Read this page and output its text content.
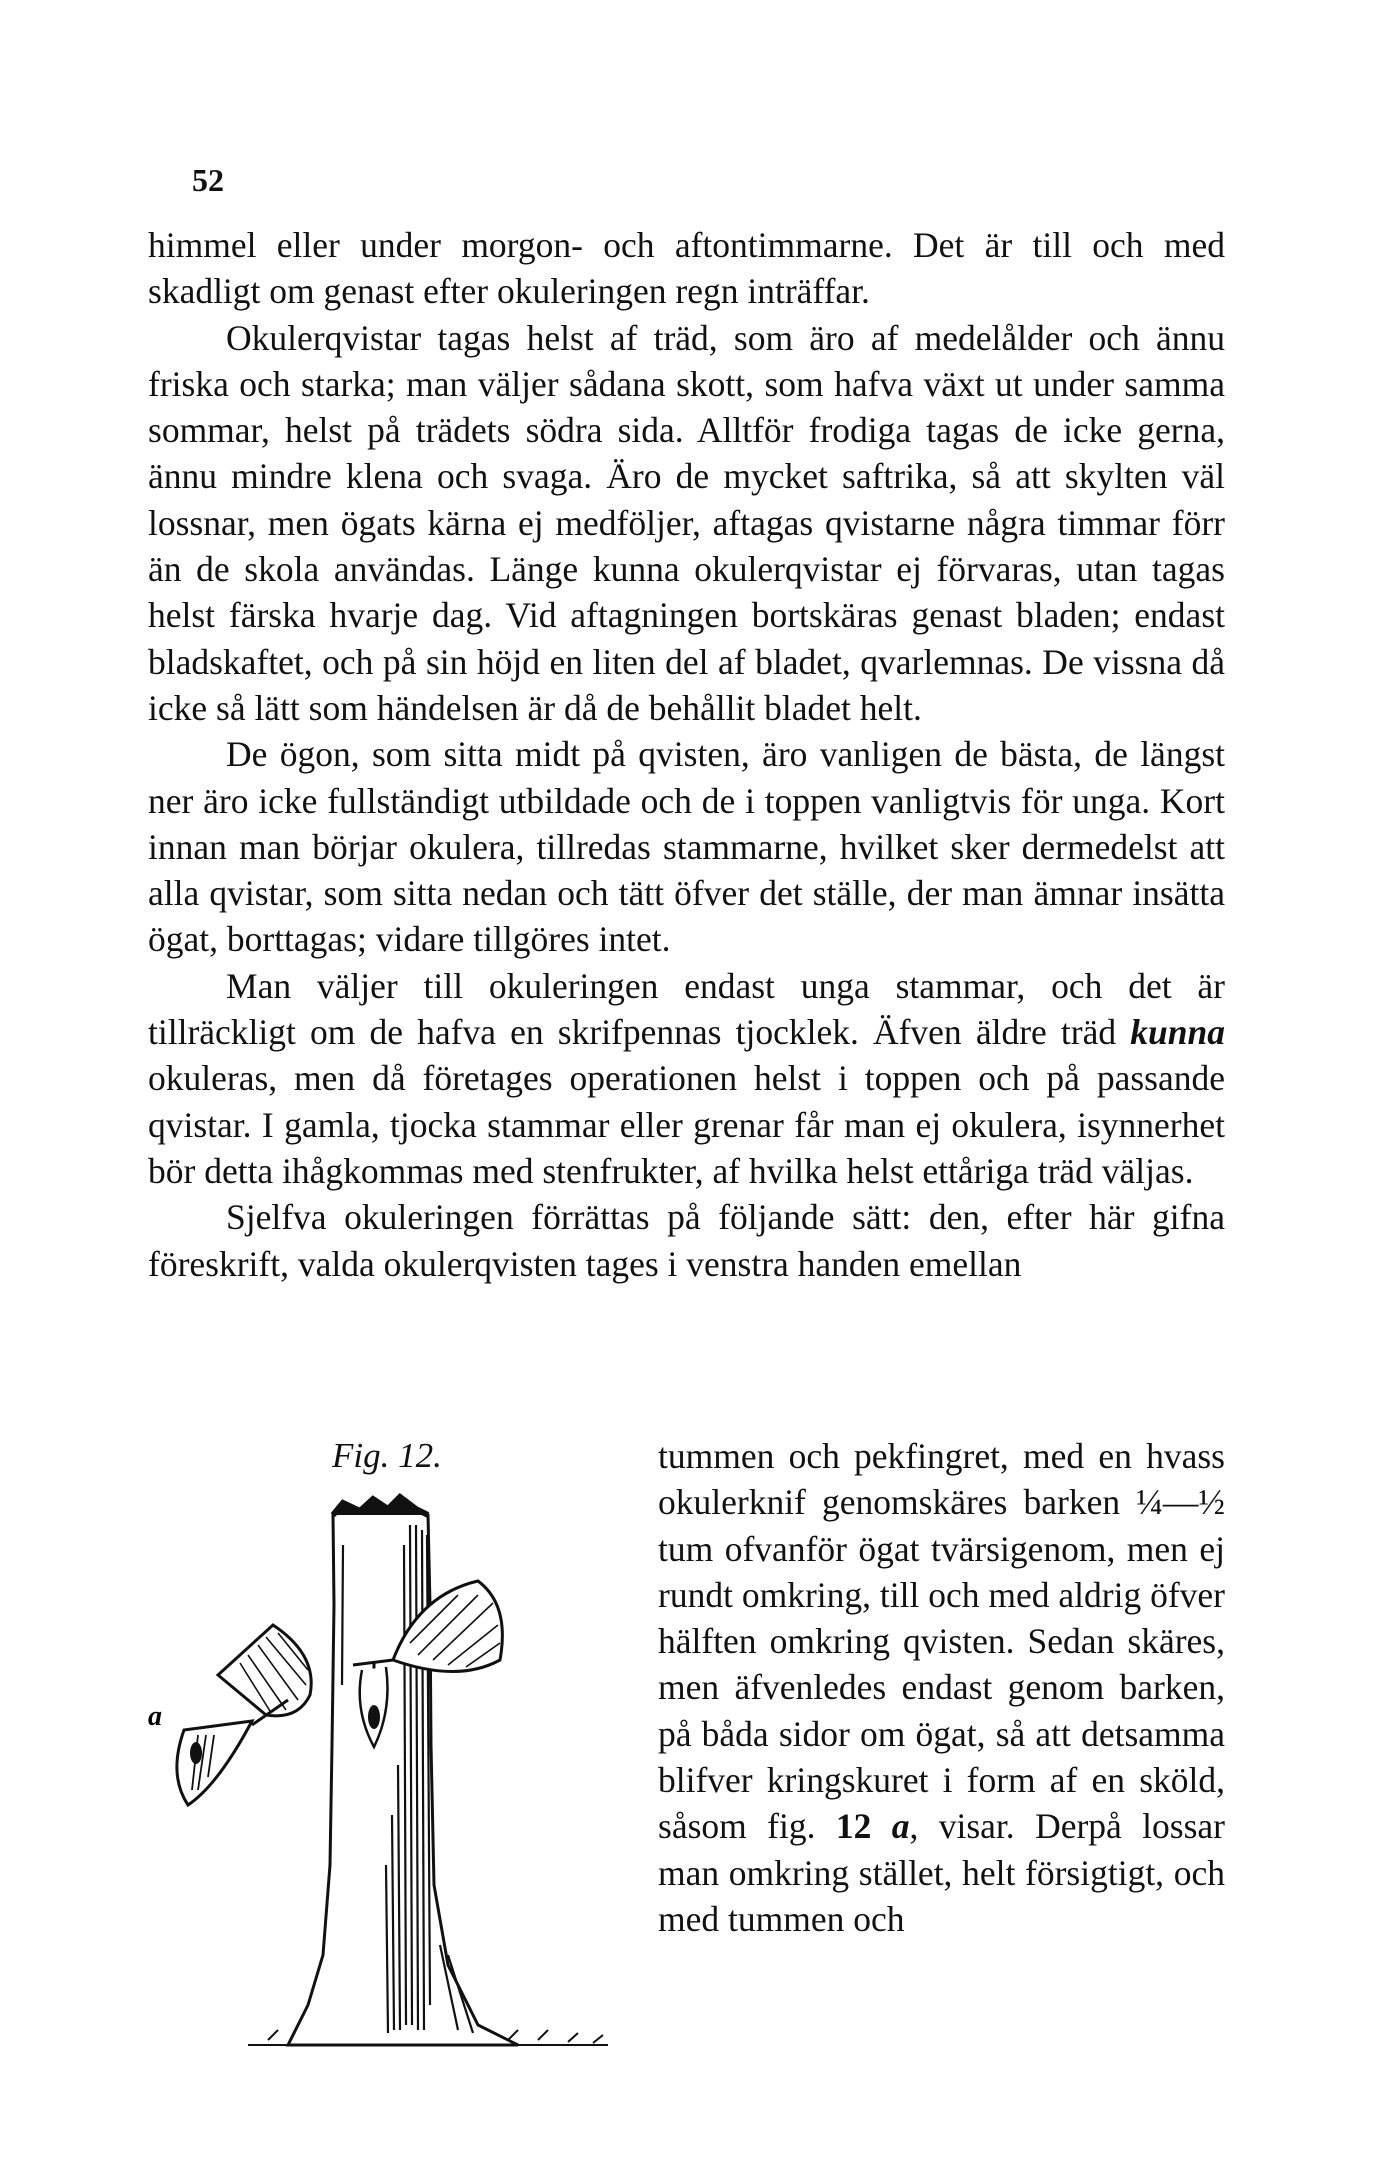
52

himmel eller under morgon- och aftontimmarne. Det är till och med skadligt om genast efter okuleringen regn inträffar.

Okulerqvistar tagas helst af träd, som äro af medelålder och ännu friska och starka; man väljer sådana skott, som hafva växt ut under samma sommar, helst på trädets södra sida. Alltför frodiga tagas de icke gerna, ännu mindre klena och svaga. Äro de mycket saftrika, så att skylten väl lossnar, men ögats kärna ej medföljer, aftagas qvistarne några timmar förr än de skola användas. Länge kunna okulerqvistar ej förvaras, utan tagas helst färska hvarje dag. Vid aftagningen bortskäras genast bladen; endast bladskaftet, och på sin höjd en liten del af bladet, qvarlemnas. De vissna då icke så lätt som händelsen är då de behållit bladet helt.

De ögon, som sitta midt på qvisten, äro vanligen de bästa, de längst ner äro icke fullständigt utbildade och de i toppen vanligtvis för unga. Kort innan man börjar okulera, tillredas stammarne, hvilket sker dermedelst att alla qvistar, som sitta nedan och tätt öfver det ställe, der man ämnar insätta ögat, borttagas; vidare tillgöres intet.

Man väljer till okuleringen endast unga stammar, och det är tillräckligt om de hafva en skrifpennas tjocklek. Äfven äldre träd kunna okuleras, men då företages operationen helst i toppen och på passande qvistar. I gamla, tjocka stammar eller grenar får man ej okulera, isynnerhet bör detta ihågkommas med stenfrukter, af hvilka helst ettåriga träd väljas.

Sjelfva okuleringen förrättas på följande sätt: den, efter här gifna föreskrift, valda okulerqvisten tages i venstra handen emellan

Fig. 12.

a

tummen och pekfingret, med en hvass okulerknif genomskäres barken ¼—½ tum ofvanför ögat tvärsigenom, men ej rundt omkring, till och med aldrig öfver hälften omkring qvisten. Sedan skäres, men äfvenledes endast genom barken, på båda sidor om ögat, så att detsamma blifver kringskuret i form af en sköld, såsom fig. 12 a, visar. Derpå lossar man omkring stället, helt försigtigt, och med tummen och
